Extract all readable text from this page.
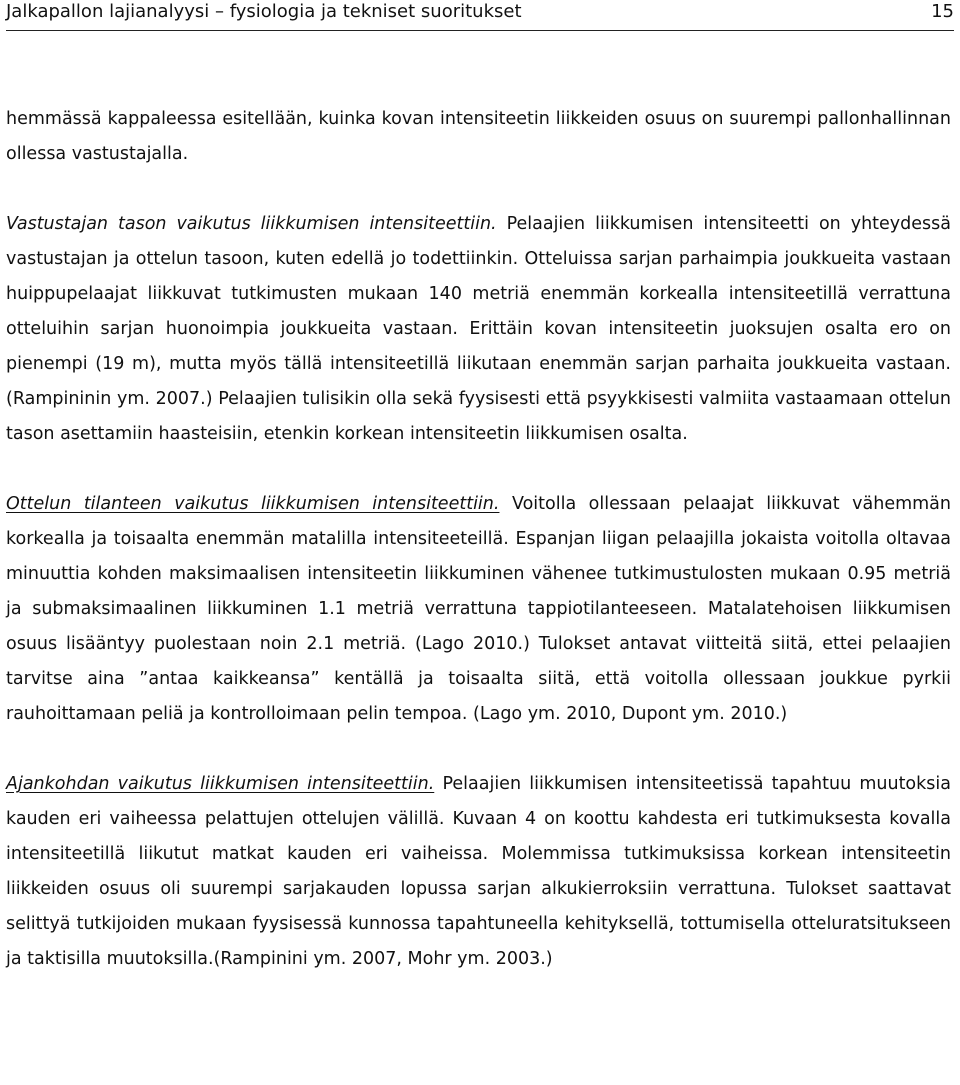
Jalkapallon lajianalyysi – fysiologia ja tekniset suoritukset	15

hemmässä kappaleessa esitellään, kuinka kovan intensiteetin liikkeiden osuus on suurempi pallonhallinnan ollessa vastustajalla.

Vastustajan tason vaikutus liikkumisen intensiteettiin. Pelaajien liikkumisen intensiteetti on yhteydessä vastustajan ja ottelun tasoon, kuten edellä jo todettiinkin. Otteluissa sarjan parhaimpia joukkueita vastaan huippupelaajat liikkuvat tutkimusten mukaan 140 metriä enemmän korkealla intensiteetillä verrattuna otteluihin sarjan huonoimpia joukkueita vastaan. Erittäin kovan intensiteetin juoksujen osalta ero on pienempi (19 m), mutta myös tällä intensiteetillä liikutaan enemmän sarjan parhaita joukkueita vastaan. (Rampininin ym. 2007.) Pelaajien tulisikin olla sekä fyysisesti että psyykkisesti valmiita vastaamaan ottelun tason asettamiin haasteisiin, etenkin korkean intensiteetin liikkumisen osalta.

Ottelun tilanteen vaikutus liikkumisen intensiteettiin. Voitolla ollessaan pelaajat liikkuvat vähemmän korkealla ja toisaalta enemmän matalilla intensiteeteillä. Espanjan liigan pelaajilla jokaista voitolla oltavaa minuuttia kohden maksimaalisen intensiteetin liikkuminen vähenee tutkimustulosten mukaan 0.95 metriä ja submaksimaalinen liikkuminen 1.1 metriä verrattuna tappiotilanteeseen. Matalatehoisen liikkumisen osuus lisääntyy puolestaan noin 2.1 metriä. (Lago 2010.) Tulokset antavat viitteitä siitä, ettei pelaajien tarvitse aina ”antaa kaikkeansa” kentällä ja toisaalta siitä, että voitolla ollessaan joukkue pyrkii rauhoittamaan peliä ja kontrolloimaan pelin tempoa. (Lago ym. 2010, Dupont ym. 2010.)

Ajankohdan vaikutus liikkumisen intensiteettiin. Pelaajien liikkumisen intensiteetissä tapahtuu muutoksia kauden eri vaiheessa pelattujen ottelujen välillä. Kuvaan 4 on koottu kahdesta eri tutkimuksesta kovalla intensiteetillä liikutut matkat kauden eri vaiheissa. Molemmissa tutkimuksissa korkean intensiteetin liikkeiden osuus oli suurempi sarjakauden lopussa sarjan alkukierroksiin verrattuna. Tulokset saattavat selittyä tutkijoiden mukaan fyysisessä kunnossa tapahtuneella kehityksellä, tottumisella otteluratsitukseen ja taktisilla muutoksilla.(Rampinini ym. 2007, Mohr ym. 2003.)
